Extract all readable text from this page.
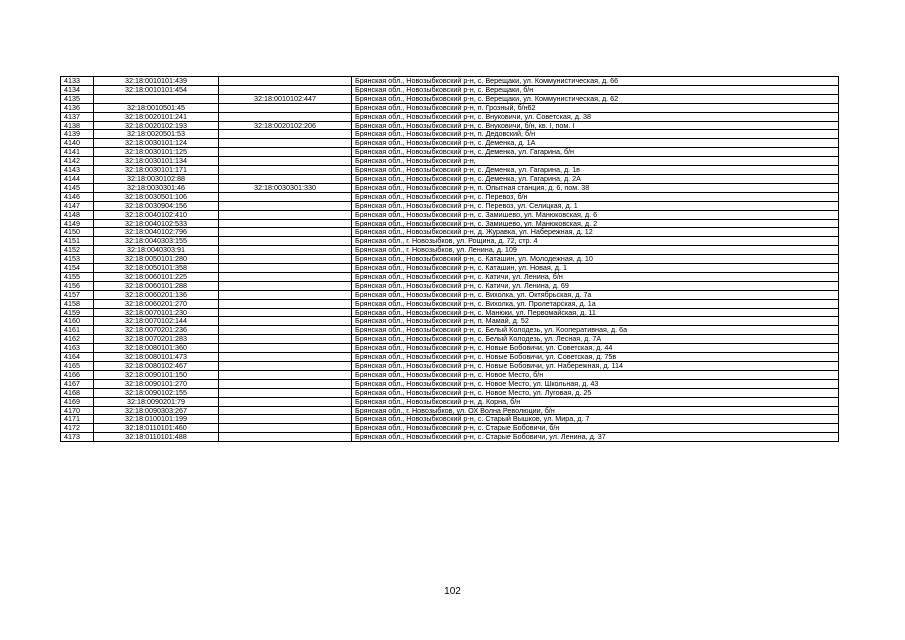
4133	32:18:0010101:439		Брянская обл., Новозыбковский р-н, с. Верещаки, ул. Коммунистическая, д. 66
4134	32:18:0010101:454		Брянская обл., Новозыбковский р-н, с. Верещаки, б/н
4135		32:18:0010102:447	Брянская обл., Новозыбковский р-н, с. Верещаки, ул. Коммунистическая, д. 62
4136	32:18:0010501:45		Брянская обл., Новозыбковский р-н, п. Грозный, б/н62
4137	32:18:0020101:241		Брянская обл., Новозыбковский р-н, с. Внуковичи, ул. Советская, д. 38
4138	32:18:0020102:193	32:18:0020102:206	Брянская обл., Новозыбковский р-н, с. Внуковичи, б/н, кв. I, пом. I
4139	32:18:0020501:53		Брянская обл., Новозыбковский р-н, п. Дедовский, б/н
4140	32:18:0030101:124		Брянская обл., Новозыбковский р-н, с. Деменка, д. 1А
4141	32:18:0030101:125		Брянская обл., Новозыбковский р-н, с. Деменка, ул. Гагарина, б/н
4142	32:18:0030101:134		Брянская обл., Новозыбковский р-н,
4143	32:18:0030101:171		Брянская обл., Новозыбковский р-н, с. Деменка, ул. Гагарина, д. 1в
4144	32:18:0030102:88		Брянская обл., Новозыбковский р-н, с. Деменка, ул. Гагарина, д. 2А
4145	32:18:0030301:46	32:18:0030301:330	Брянская обл., Новозыбковский р-н, п. Опытная станция, д. 6, пом. 38
4146	32:18:0030501:106		Брянская обл., Новозыбковский р-н, с. Перевоз, б/н
4147	32:18:0030904:156		Брянская обл., Новозыбковский р-н, с. Перевоз, ул. Селицкая, д. 1
4148	32:18:0040102:410		Брянская обл., Новозыбковский р-н, с. Замишево, ул. Манюковская, д. 6
4149	32:18:0040102:533		Брянская обл., Новозыбковский р-н, с. Замишево, ул. Манюковская, д. 2
4150	32:18:0040102:796		Брянская обл., Новозыбковский р-н, д. Журавка, ул. Набережная, д. 12
4151	32:18:0040303:155		Брянская обл., г. Новозыбков, ул. Рощина, д. 72, стр. 4
4152	32:18:0040303:91		Брянская обл., г. Новозыбков, ул. Ленина, д. 109
4153	32:18:0050101:280		Брянская обл., Новозыбковский р-н, с. Каташин, ул. Молодежная, д. 10
4154	32:18:0050101:358		Брянская обл., Новозыбковский р-н, с. Каташин, ул. Новая, д. 1
4155	32:18:0060101:225		Брянская обл., Новозыбковский р-н, с. Катичи, ул. Ленина, б/н
4156	32:18:0060101:288		Брянская обл., Новозыбковский р-н, с. Катичи, ул. Ленина, д. 69
4157	32:18:0060201:136		Брянская обл., Новозыбковский р-н, с. Вихолка, ул. Октябрьская, д. 7а
4158	32:18:0060201:270		Брянская обл., Новозыбковский р-н, с. Вихолка, ул. Пролетарская, д. 1а
4159	32:18:0070101:230		Брянская обл., Новозыбковский р-н, с. Манюки, ул. Первомайская, д. 11
4160	32:18:0070102:144		Брянская обл., Новозыбковский р-н, п. Мамай, д. 52
4161	32:18:0070201:236		Брянская обл., Новозыбковский р-н, с. Белый Колодезь, ул. Кооперативная, д. 6а
4162	32:18:0070201:283		Брянская обл., Новозыбковский р-н, с. Белый Колодезь, ул. Лесная, д. 7А
4163	32:18:0080101:360		Брянская обл., Новозыбковский р-н, с. Новые Бобовичи, ул. Советская, д. 44
4164	32:18:0080101:473		Брянская обл., Новозыбковский р-н, с. Новые Бобовичи, ул. Советская, д. 75в
4165	32:18:0080102:467		Брянская обл., Новозыбковский р-н, с. Новые Бобовичи, ул. Набережная, д. 114
4166	32:18:0090101:150		Брянская обл., Новозыбковский р-н, с. Новое Место, б/н
4167	32:18:0090101:270		Брянская обл., Новозыбковский р-н, с. Новое Место, ул. Школьная, д. 43
4168	32:18:0090102:155		Брянская обл., Новозыбковский р-н, с. Новое Место, ул. Луговая, д. 25
4169	32:18:0090201:79		Брянская обл., Новозыбковский р-н, д. Корна, б/н
4170	32:18:0090303:267		Брянская обл., г. Новозыбков, ул. ОХ Волна Революции, б/н
4171	32:18:0100101:199		Брянская обл., Новозыбковский р-н, с. Старый Вышков, ул. Мира, д. 7
4172	32:18:0110101:460		Брянская обл., Новозыбковский р-н, с. Старые Бобовичи, б/н
4173	32:18:0110101:488		Брянская обл., Новозыбковский р-н, с. Старые Бобовичи, ул. Ленина, д. 37
102
